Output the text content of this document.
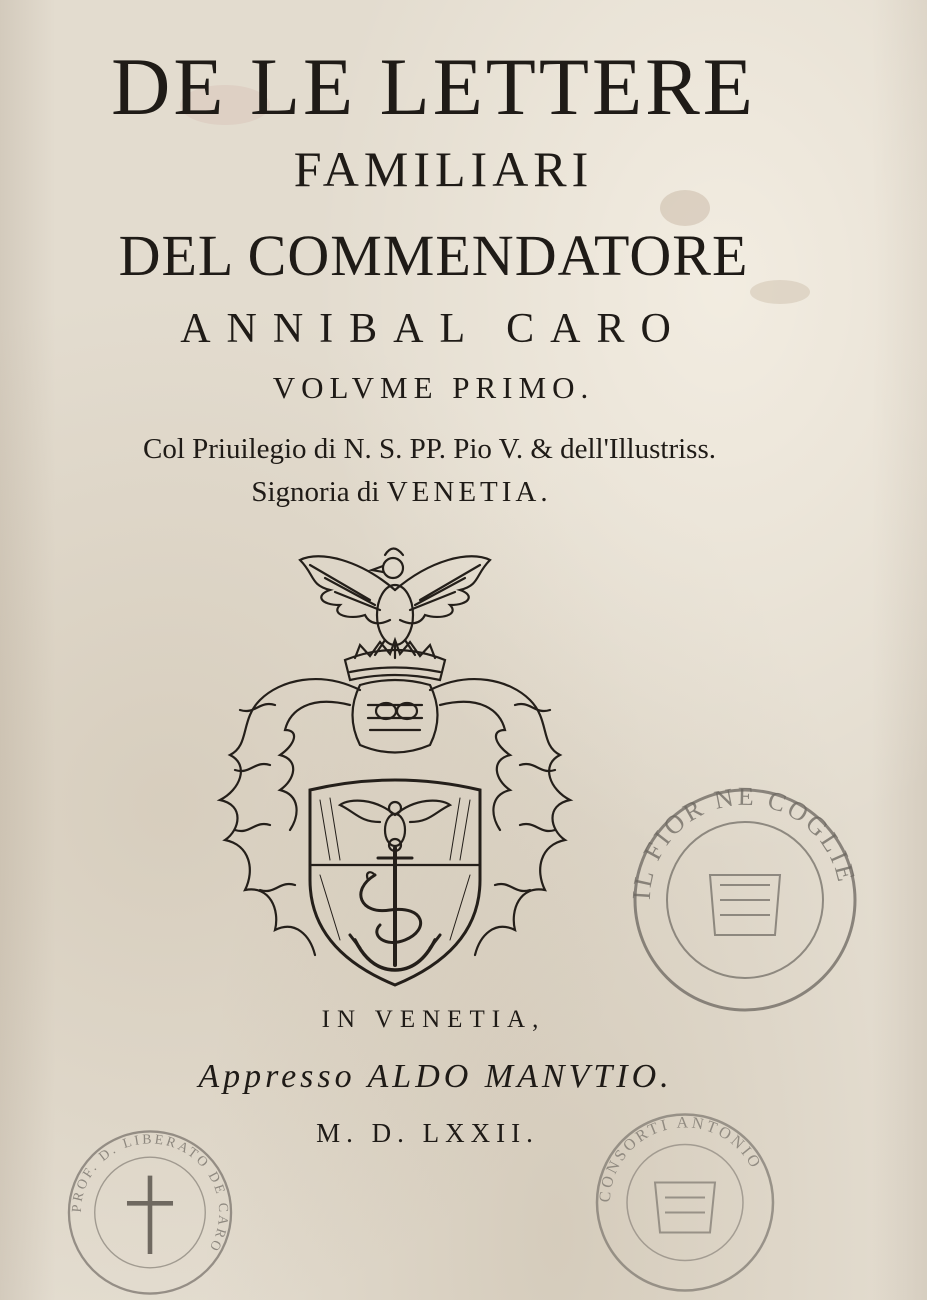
DE LE LETTERE
FAMILIARI
DEL COMMENDATORE
ANNIBAL CARO
VOLVME PRIMO.
Col Priuilegio di N. S. PP. Pio V. & dell'Illustriss.
Signoria di VENETIA.
IN VENETIA,
Appresso ALDO MANVTIO.
M. D. LXXII.
IL FIOR NE COGLIE
PROF. D. LIBERATO DE CARO
CONSORTI ANTONIO
